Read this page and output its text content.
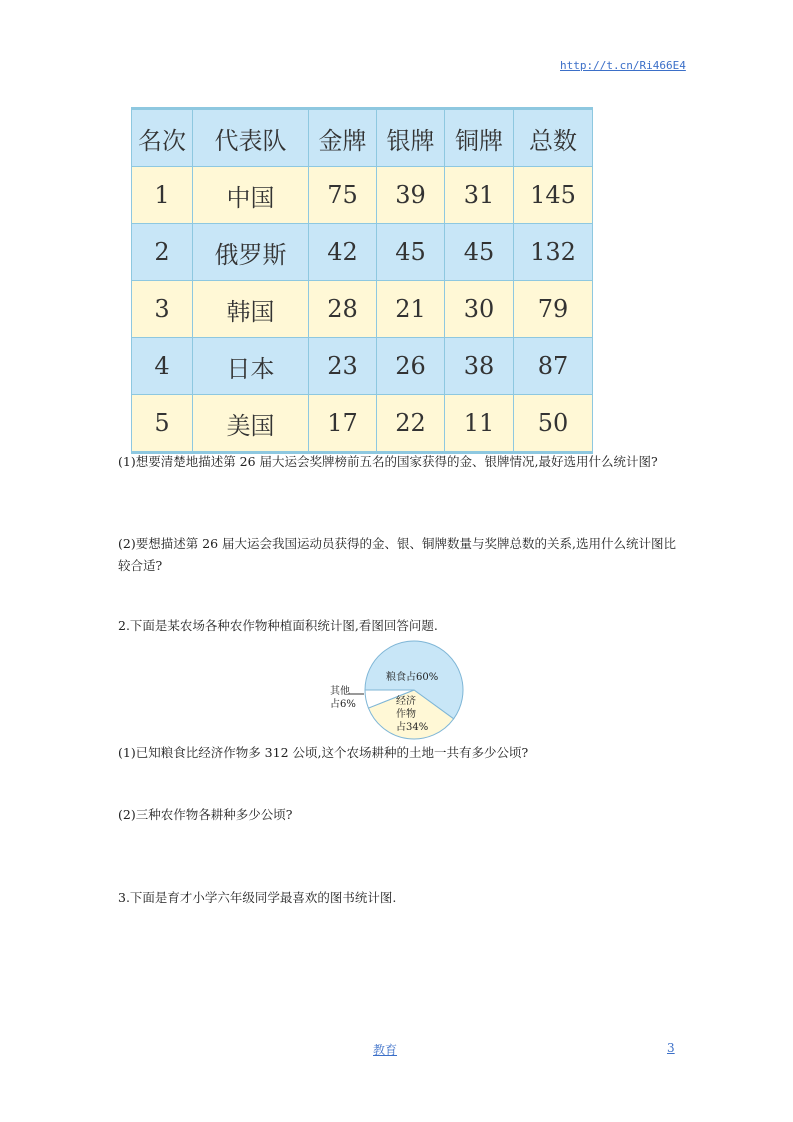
http://t.cn/Ri466E4
名次	代表队	金牌	银牌	铜牌	总数
1	中国	75	39	31	145
2	俄罗斯	42	45	45	132
3	韩国	28	21	30	79
4	日本	23	26	38	87
5	美国	17	22	11	50
(1)想要清楚地描述第 26 届大运会奖牌榜前五名的国家获得的金、银牌情况,最好选用什么统计图?
(2)要想描述第 26 届大运会我国运动员获得的金、银、铜牌数量与奖牌总数的关系,选用什么统计图比较合适?
2.下面是某农场各种农作物种植面积统计图,看图回答问题.
粮食占60%
经济
作物
占34%
其他
占6%
(1)已知粮食比经济作物多 312 公顷,这个农场耕种的土地一共有多少公顷?
(2)三种农作物各耕种多少公顷?
3.下面是育才小学六年级同学最喜欢的图书统计图.
教育	3
